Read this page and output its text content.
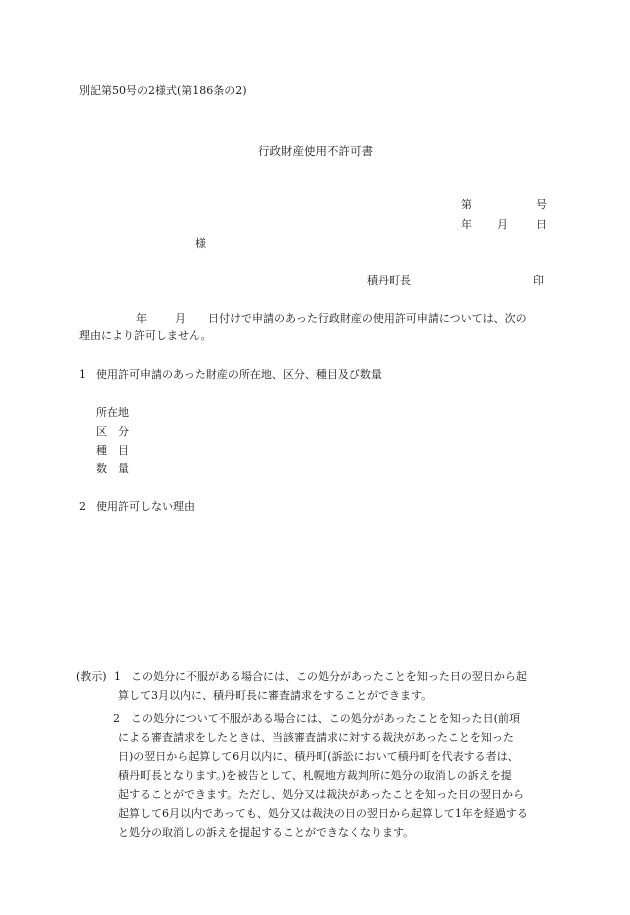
別記第50号の2様式(第186条の2)
行政財産使用不許可書
第	号
年 月	日
様
積丹町長	印
年	月 日付けで申請のあった行政財産の使用許可申請については、次の
理由により許可しません。
1 使用許可申請のあった財産の所在地、区分、種目及び数量
所在地
区　分
種　目
数　量
2 使用許可しない理由
(教示) 1 この処分に不服がある場合には、この処分があったことを知った日の翌日から起
算して3月以内に、積丹町長に審査請求をすることができます。
2 この処分について不服がある場合には、この処分があったことを知った日(前項
による審査請求をしたときは、当該審査請求に対する裁決があったことを知った
日)の翌日から起算して6月以内に、積丹町(訴訟において積丹町を代表する者は、
積丹町長となります。)を被告として、札幌地方裁判所に処分の取消しの訴えを提
起することができます。ただし、処分又は裁決があったことを知った日の翌日から
起算して6月以内であっても、処分又は裁決の日の翌日から起算して1年を経過する
と処分の取消しの訴えを提起することができなくなります。
